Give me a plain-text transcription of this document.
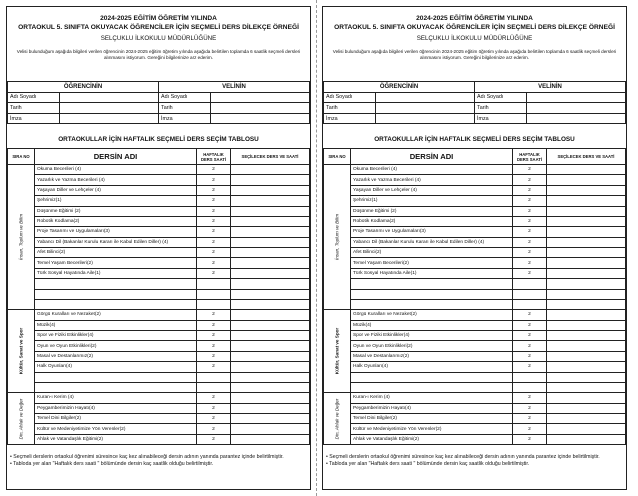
2024-2025 EĞİTİM ÖĞRETİM YILINDA
ORTAOKUL 5. SINIFTA OKUYACAK ÖĞRENCİLER İÇİN SEÇMELİ DERS DİLEKÇE ÖRNEĞİ
SELÇUKLU İLKOKULU MÜDÜRLÜĞÜNE
Velisi bulunduğum aşağıda bilgileri verilen öğrencinin 2024-2025 eğitim öğretim yılında aşağıda belirtilen toplamda 6 saatlik seçmeli dersleri alınmasını istiyorum. Gereğini bilgilerinize arz ederim.
ÖĞRENCİNİN		VELİNİN	
Adı Soyadı		Adı Soyadı	
Tarih		Tarih	
İmza		İmza	
ORTAOKULLAR İÇİN HAFTALIK SEÇMELİ DERS SEÇİM TABLOSU
SIRA NO	DERSİN ADI	HAFTALIK DERS SAATİ	SEÇİLECEK DERS VE SAATİ

İnsan, Toplum ve Bilim	Okuma Becerileri (4)	2	
	Yazarlık ve Yazma Becerileri (4)	2	
	Yaşayan Diller ve Lehçeler (4)	2	
	Şehrimiz(1)	2	
	Düşünme Eğitimi (2)	2	
	Robotik Kodlama(2)	2	
	Proje Tasarımı ve Uygulamaları(3)	2	
	Yabancı Dil (Bakanlar Kurulu Kararı ile Kabul Edilen Diller) (4)	2	
	Afet Bilinci(2)	2	
	Temel Yaşam Becerileri(2)	2	
	Türk Sosyal Hayatında Aile(1)	2	

Kültür, Sanat ve Spor	Görgü Kuralları ve Nezaket(2)	2	
	Müzik(4)	2	
	Spor ve Fiziki Etkinlikler(4)	2	
	Oyun ve Oyun Etkinlikleri(2)	2	
	Masal ve Destanlarımız(2)	2	
	Halk Oyunları(4)	2	

Din, Ahlak ve Değer	Kuran-ı Kerim (4)	2	
	Peygamberimizin Hayatı(4)	2	
	Temel Dini Bilgiler(2)	2	
	Kültür ve Medeniyetimize Yön Verenler(2)	2	
	Ahlak ve Vatandaşlık Eğitimi(2)	2	
• Seçmeli derslerin ortaokul öğrenimi süresince kaç kez alınabileceği dersin adının yanında parantez içinde belirtilmiştir.
• Tabloda yer alan "Haftalık ders saati " bölümünde dersin kaç saatlik olduğu belirtilmiştir.
2024-2025 EĞİTİM ÖĞRETİM YILINDA
ORTAOKUL 5. SINIFTA OKUYACAK ÖĞRENCİLER İÇİN SEÇMELİ DERS DİLEKÇE ÖRNEĞİ
SELÇUKLU İLKOKULU MÜDÜRLÜĞÜNE
Velisi bulunduğum aşağıda bilgileri verilen öğrencinin 2024-2025 eğitim öğretim yılında aşağıda belirtilen toplamda 6 saatlik seçmeli dersleri alınmasını istiyorum. Gereğini bilgilerinize arz ederim.
ÖĞRENCİNİN		VELİNİN	
Adı Soyadı		Adı Soyadı	
Tarih		Tarih	
İmza		İmza	
ORTAOKULLAR İÇİN HAFTALIK SEÇMELİ DERS SEÇİM TABLOSU
SIRA NO	DERSİN ADI	HAFTALIK DERS SAATİ	SEÇİLECEK DERS VE SAATİ

İnsan, Toplum ve Bilim	Okuma Becerileri (4)	2	
	Yazarlık ve Yazma Becerileri (4)	2	
	Yaşayan Diller ve Lehçeler (4)	2	
	Şehrimiz(1)	2	
	Düşünme Eğitimi (2)	2	
	Robotik Kodlama(2)	2	
	Proje Tasarımı ve Uygulamaları(3)	2	
	Yabancı Dil (Bakanlar Kurulu Kararı ile Kabul Edilen Diller) (4)	2	
	Afet Bilinci(2)	2	
	Temel Yaşam Becerileri(2)	2	
	Türk Sosyal Hayatında Aile(1)	2	

Kültür, Sanat ve Spor	Görgü Kuralları ve Nezaket(2)	2	
	Müzik(4)	2	
	Spor ve Fiziki Etkinlikler(4)	2	
	Oyun ve Oyun Etkinlikleri(2)	2	
	Masal ve Destanlarımız(2)	2	
	Halk Oyunları(4)	2	

Din, Ahlak ve Değer	Kuran-ı Kerim (4)	2	
	Peygamberimizin Hayatı(4)	2	
	Temel Dini Bilgiler(2)	2	
	Kültür ve Medeniyetimize Yön Verenler(2)	2	
	Ahlak ve Vatandaşlık Eğitimi(2)	2	
• Seçmeli derslerin ortaokul öğrenimi süresince kaç kez alınabileceği dersin adının yanında parantez içinde belirtilmiştir.
• Tabloda yer alan "Haftalık ders saati " bölümünde dersin kaç saatlik olduğu belirtilmiştir.
